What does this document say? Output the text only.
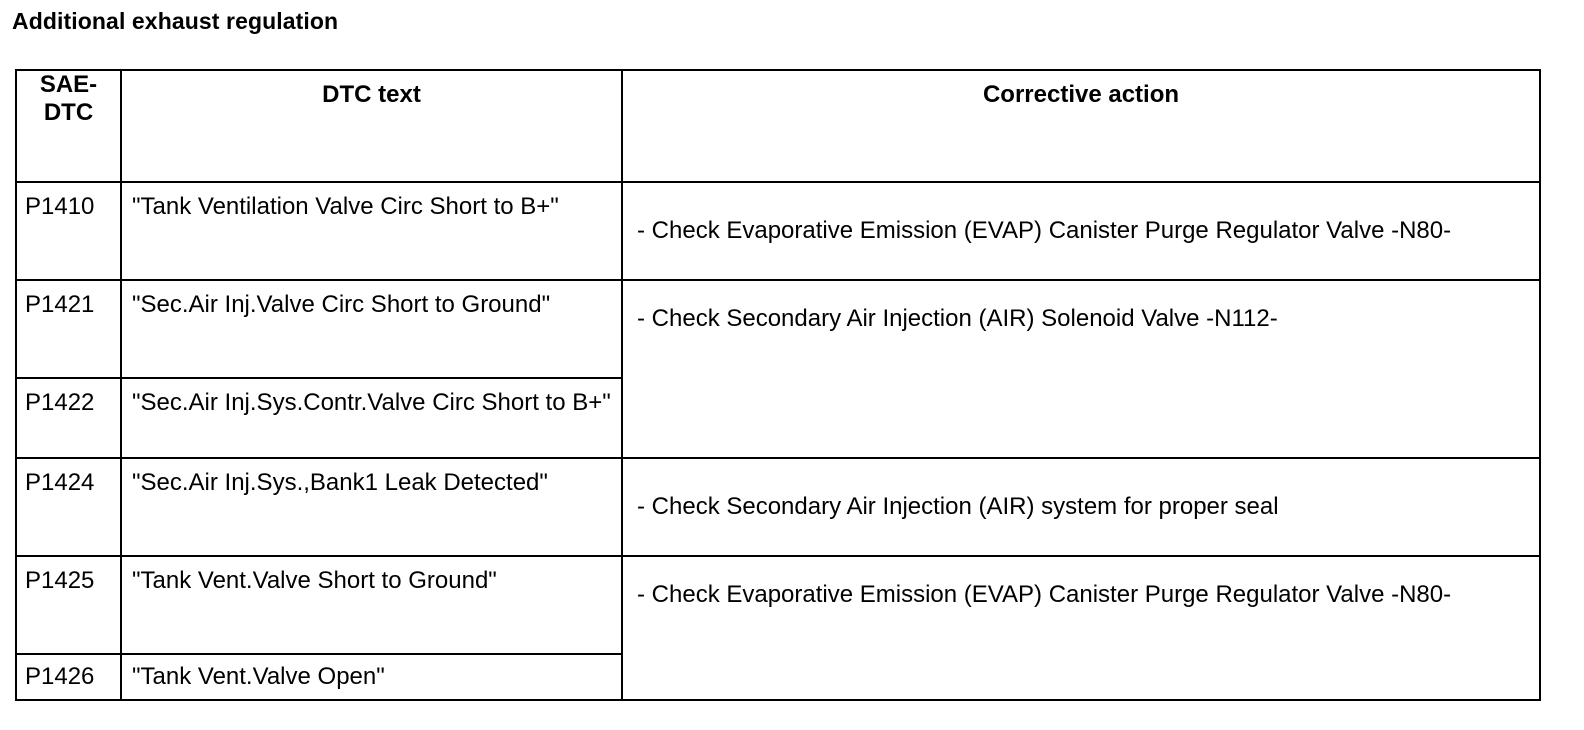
Additional exhaust regulation
SAE-
DTC	DTC text	Corrective action
P1410	"Tank Ventilation Valve Circ Short to B+"	- Check Evaporative Emission (EVAP) Canister Purge Regulator Valve -N80-
P1421	"Sec.Air Inj.Valve Circ Short to Ground"	- Check Secondary Air Injection (AIR) Solenoid Valve -N112-
P1422	"Sec.Air Inj.Sys.Contr.Valve Circ Short to B+"	
P1424	"Sec.Air Inj.Sys.,Bank1 Leak Detected"	- Check Secondary Air Injection (AIR) system for proper seal
P1425	"Tank Vent.Valve Short to Ground"	- Check Evaporative Emission (EVAP) Canister Purge Regulator Valve -N80-
P1426	"Tank Vent.Valve Open"	
